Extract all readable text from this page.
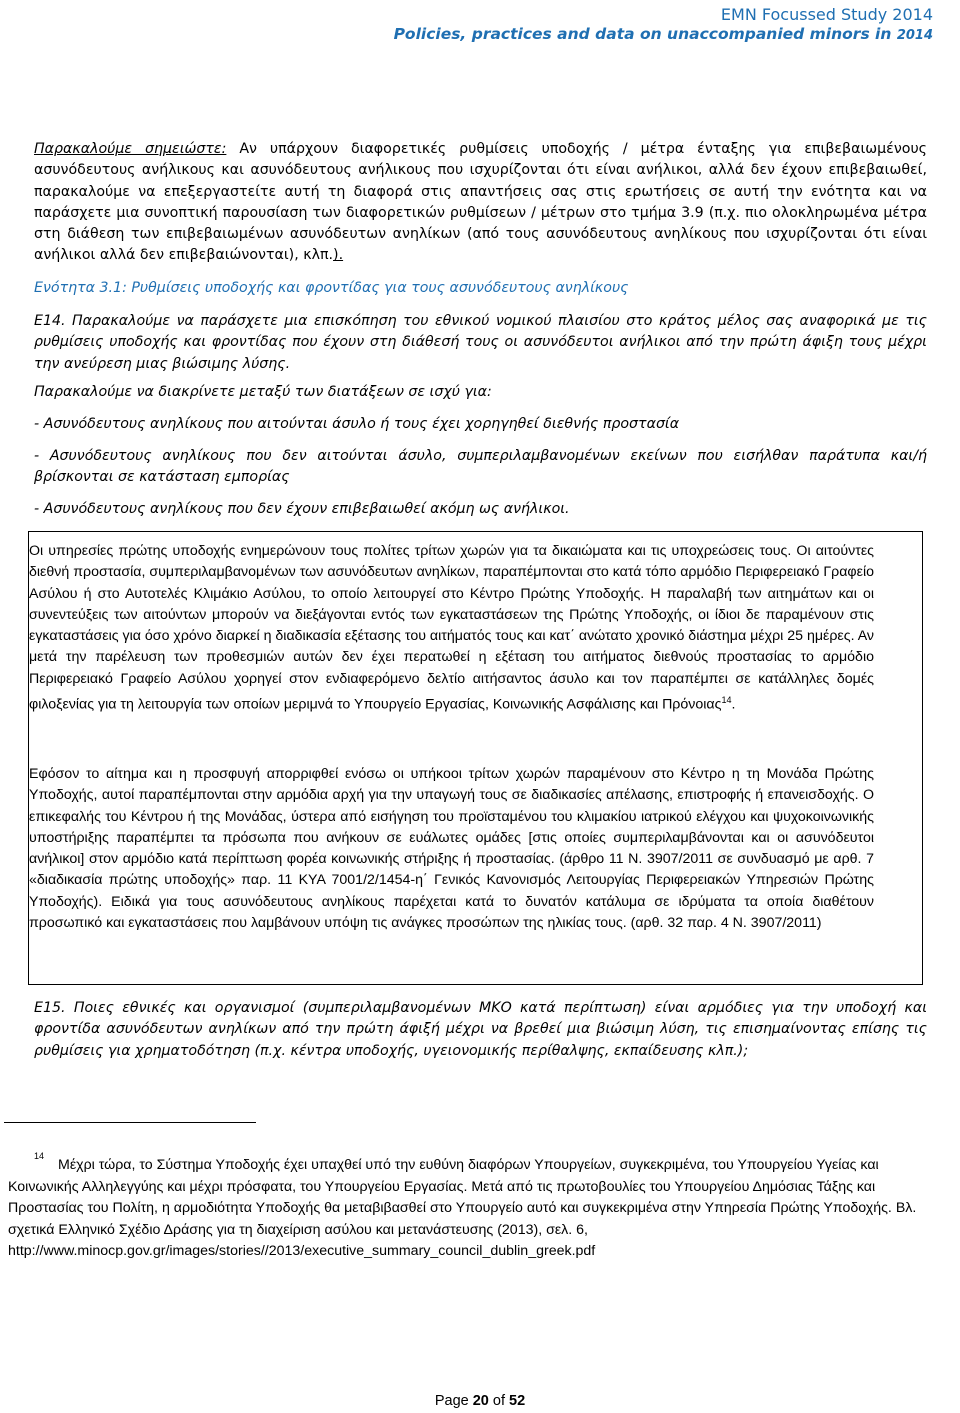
EMN Focussed Study 2014
Policies, practices and data on unaccompanied minors in 2014

Παρακαλούμε σημειώστε: Αν υπάρχουν διαφορετικές ρυθμίσεις υποδοχής / μέτρα ένταξης για επιβεβαιωμένους ασυνόδευτους ανήλικους και ασυνόδευτους ανήλικους που ισχυρίζονται ότι είναι ανήλικοι, αλλά δεν έχουν επιβεβαιωθεί, παρακαλούμε να επεξεργαστείτε αυτή τη διαφορά στις απαντήσεις σας στις ερωτήσεις σε αυτή την ενότητα και να παράσχετε μια συνοπτική παρουσίαση των διαφορετικών ρυθμίσεων / μέτρων στο τμήμα 3.9 (π.χ. πιο ολοκληρωμένα μέτρα στη διάθεση των επιβεβαιωμένων ασυνόδευτων ανηλίκων (από τους ασυνόδευτους ανηλίκους που ισχυρίζονται ότι είναι ανήλικοι αλλά δεν επιβεβαιώνονται), κλπ.).

Ενότητα 3.1: Ρυθμίσεις υποδοχής και φροντίδας για τους ασυνόδευτους ανηλίκους

Ε14. Παρακαλούμε να παράσχετε μια επισκόπηση του εθνικού νομικού πλαισίου στο κράτος μέλος σας αναφορικά με τις ρυθμίσεις υποδοχής και φροντίδας που έχουν στη διάθεσή τους οι ασυνόδευτοι ανήλικοι από την πρώτη άφιξη τους μέχρι την ανεύρεση μιας βιώσιμης λύσης.

Παρακαλούμε να διακρίνετε μεταξύ των διατάξεων σε ισχύ για:

- Ασυνόδευτους ανηλίκους που αιτούνται άσυλο ή τους έχει χορηγηθεί διεθνής προστασία

- Ασυνόδευτους ανηλίκους που δεν αιτούνται άσυλο, συμπεριλαμβανομένων εκείνων που εισήλθαν παράτυπα και/ή βρίσκονται σε κατάσταση εμπορίας

- Ασυνόδευτους ανηλίκους που δεν έχουν επιβεβαιωθεί ακόμη ως ανήλικοι.

Οι υπηρεσίες πρώτης υποδοχής ενημερώνουν τους πολίτες τρίτων χωρών για τα δικαιώματα και τις υποχρεώσεις τους. Οι αιτούντες διεθνή προστασία, συμπεριλαμβανομένων των ασυνόδευτων ανηλίκων, παραπέμπονται στο κατά τόπο αρμόδιο Περιφερειακό Γραφείο Ασύλου ή στο Αυτοτελές Κλιμάκιο Ασύλου, το οποίο λειτουργεί στο Κέντρο Πρώτης Υποδοχής. Η παραλαβή των αιτημάτων και οι συνεντεύξεις των αιτούντων μπορούν να διεξάγονται εντός των εγκαταστάσεων της Πρώτης Υποδοχής, οι ίδιοι δε παραμένουν στις εγκαταστάσεις για όσο χρόνο διαρκεί η διαδικασία εξέτασης του αιτήματός τους και κατ΄ ανώτατο χρονικό διάστημα μέχρι 25 ημέρες. Αν μετά την παρέλευση των προθεσμιών αυτών δεν έχει περατωθεί η εξέταση του αιτήματος διεθνούς προστασίας το αρμόδιο Περιφερειακό Γραφείο Ασύλου χορηγεί στον ενδιαφερόμενο δελτίο αιτήσαντος άσυλο και τον παραπέμπει σε κατάλληλες δομές φιλοξενίας για τη λειτουργία των οποίων μεριμνά το Υπουργείο Εργασίας, Κοινωνικής Ασφάλισης και Πρόνοιας$^{14}$.

Εφόσον το αίτημα και η προσφυγή απορριφθεί ενόσω οι υπήκοοι τρίτων χωρών παραμένουν στο Κέντρο η τη Μονάδα Πρώτης Υποδοχής, αυτοί παραπέμπονται στην αρμόδια αρχή για την υπαγωγή τους σε διαδικασίες απέλασης, επιστροφής ή επανεισδοχής. Ο επικεφαλής του Κέντρου ή της Μονάδας, ύστερα από εισήγηση του προϊσταμένου του κλιμακίου ιατρικού ελέγχου και ψυχοκοινωνικής υποστήριξης παραπέμπει τα πρόσωπα που ανήκουν σε ευάλωτες ομάδες [στις οποίες συμπεριλαμβάνονται και οι ασυνόδευτοι ανήλικοι] στον αρμόδιο κατά περίπτωση φορέα κοινωνικής στήριξης ή προστασίας. (άρθρο 11 Ν. 3907/2011 σε συνδυασμό με αρθ. 7 «διαδικασία πρώτης υποδοχής» παρ. 11 ΚΥΑ 7001/2/1454-η΄ Γενικός Κανονισμός Λειτουργίας Περιφερειακών Υπηρεσιών Πρώτης Υποδοχής). Ειδικά για τους ασυνόδευτους ανηλίκους παρέχεται κατά το δυνατόν κατάλυμα σε ιδρύματα τα οποία διαθέτουν προσωπικό και εγκαταστάσεις που λαμβάνουν υπόψη τις ανάγκες προσώπων της ηλικίας τους. (αρθ. 32 παρ. 4 Ν. 3907/2011)

Ε15. Ποιες εθνικές και οργανισμοί (συμπεριλαμβανομένων ΜΚΟ κατά περίπτωση) είναι αρμόδιες για την υποδοχή και φροντίδα ασυνόδευτων ανηλίκων από την πρώτη άφιξή μέχρι να βρεθεί μια βιώσιμη λύση, τις επισημαίνοντας επίσης τις ρυθμίσεις για χρηματοδότηση (π.χ. κέντρα υποδοχής, υγειονομικής περίθαλψης, εκπαίδευσης κλπ.);

$^{14}$

Μέχρι τώρα, το Σύστημα Υποδοχής έχει υπαχθεί υπό την ευθύνη διαφόρων Υπουργείων, συγκεκριμένα, του Υπουργείου Υγείας και Κοινωνικής Αλληλεγγύης και μέχρι πρόσφατα, του Υπουργείου Εργασίας. Μετά από τις πρωτοβουλίες του Υπουργείου Δημόσιας Τάξης και Προστασίας του Πολίτη, η αρμοδιότητα Υποδοχής θα μεταβιβασθεί στο Υπουργείο αυτό και συγκεκριμένα στην Υπηρεσία Πρώτης Υποδοχής. Βλ. σχετικά Ελληνικό Σχέδιο Δράσης για τη διαχείριση ασύλου και μετανάστευσης (2013), σελ. 6,
http://www.minocp.gov.gr/images/stories//2013/executive_summary_council_dublin_greek.pdf

Page 20 of 52
